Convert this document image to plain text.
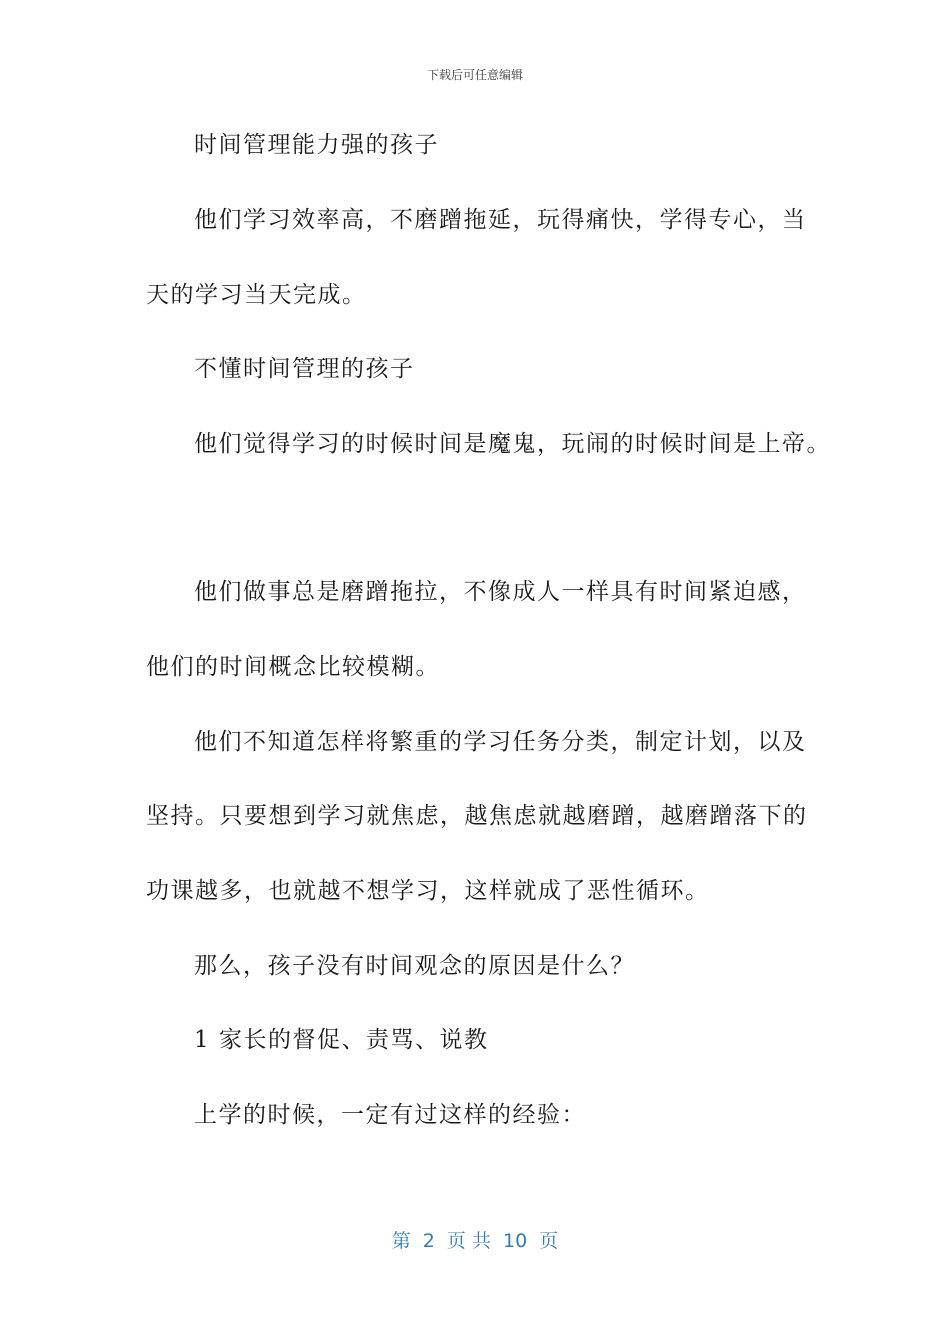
下载后可任意编辑
时间管理能力强的孩子
他们学习效率高，不磨蹭拖延，玩得痛快，学得专心，当
天的学习当天完成。
不懂时间管理的孩子
他们觉得学习的时候时间是魔鬼，玩闹的时候时间是上帝。
他们做事总是磨蹭拖拉，不像成人一样具有时间紧迫感，
他们的时间概念比较模糊。
他们不知道怎样将繁重的学习任务分类，制定计划，以及
坚持。只要想到学习就焦虑，越焦虑就越磨蹭，越磨蹭落下的
功课越多，也就越不想学习，这样就成了恶性循环。
那么，孩子没有时间观念的原因是什么？
1 家长的督促、责骂、说教
上学的时候，一定有过这样的经验：
第  2  页 共  10  页
